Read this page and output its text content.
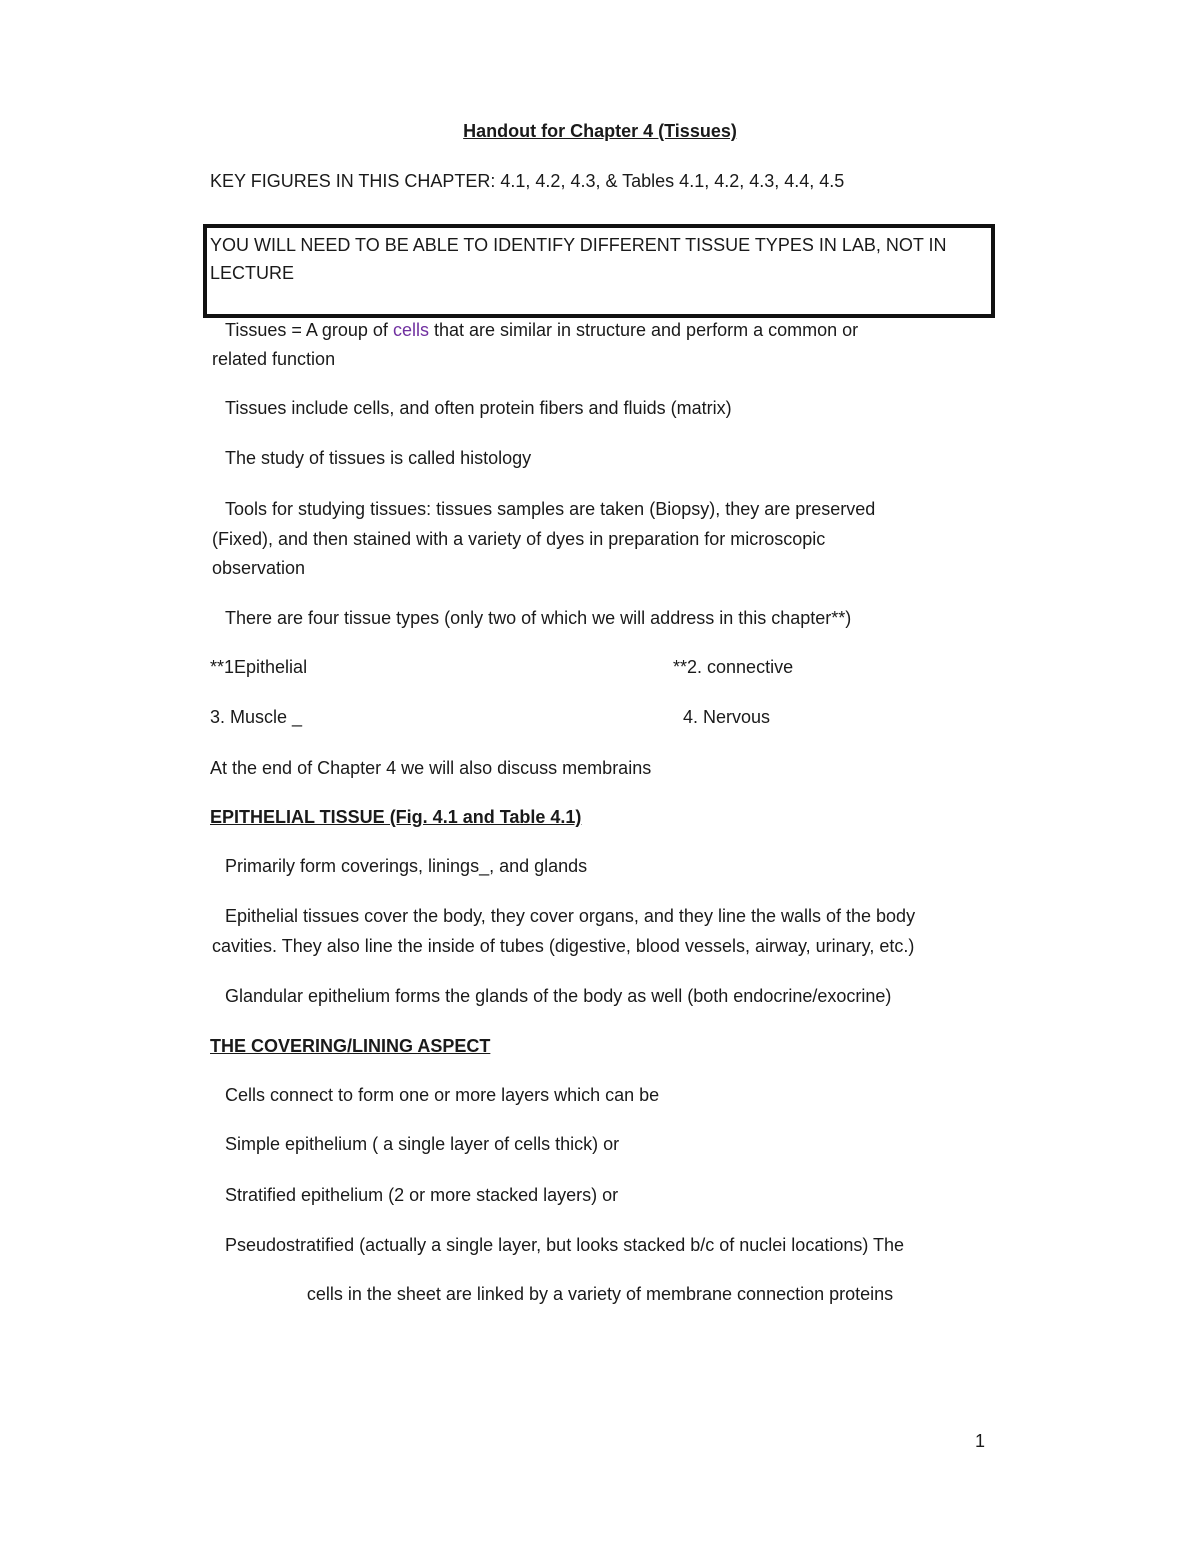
Handout for Chapter 4 (Tissues)
KEY FIGURES IN THIS CHAPTER: 4.1, 4.2, 4.3, & Tables 4.1, 4.2, 4.3, 4.4, 4.5
YOU WILL NEED TO BE ABLE TO IDENTIFY DIFFERENT TISSUE TYPES IN LAB, NOT IN
LECTURE
Tissues = A group of cells that are similar in structure and perform a common or
related function
Tissues include cells, and often protein fibers and fluids (matrix)
The study of tissues is called histology
Tools for studying tissues: tissues samples are taken (Biopsy), they are preserved
(Fixed), and then stained with a variety of dyes in preparation for microscopic
observation
There are four tissue types (only two of which we will address in this chapter**)
**1Epithelial	**2. connective
3. Muscle _	4. Nervous
At the end of Chapter 4 we will also discuss membrains
EPITHELIAL TISSUE (Fig. 4.1 and Table 4.1)
Primarily form coverings, linings_, and glands
Epithelial tissues cover the body, they cover organs, and they line the walls of the body
cavities. They also line the inside of tubes (digestive, blood vessels, airway, urinary, etc.)
Glandular epithelium forms the glands of the body as well (both endocrine/exocrine)
THE COVERING/LINING ASPECT
Cells connect to form one or more layers which can be
Simple epithelium ( a single layer of cells thick) or
Stratified epithelium (2 or more stacked layers) or
Pseudostratified (actually a single layer, but looks stacked b/c of nuclei locations) The
cells in the sheet are linked by a variety of membrane connection proteins
1
